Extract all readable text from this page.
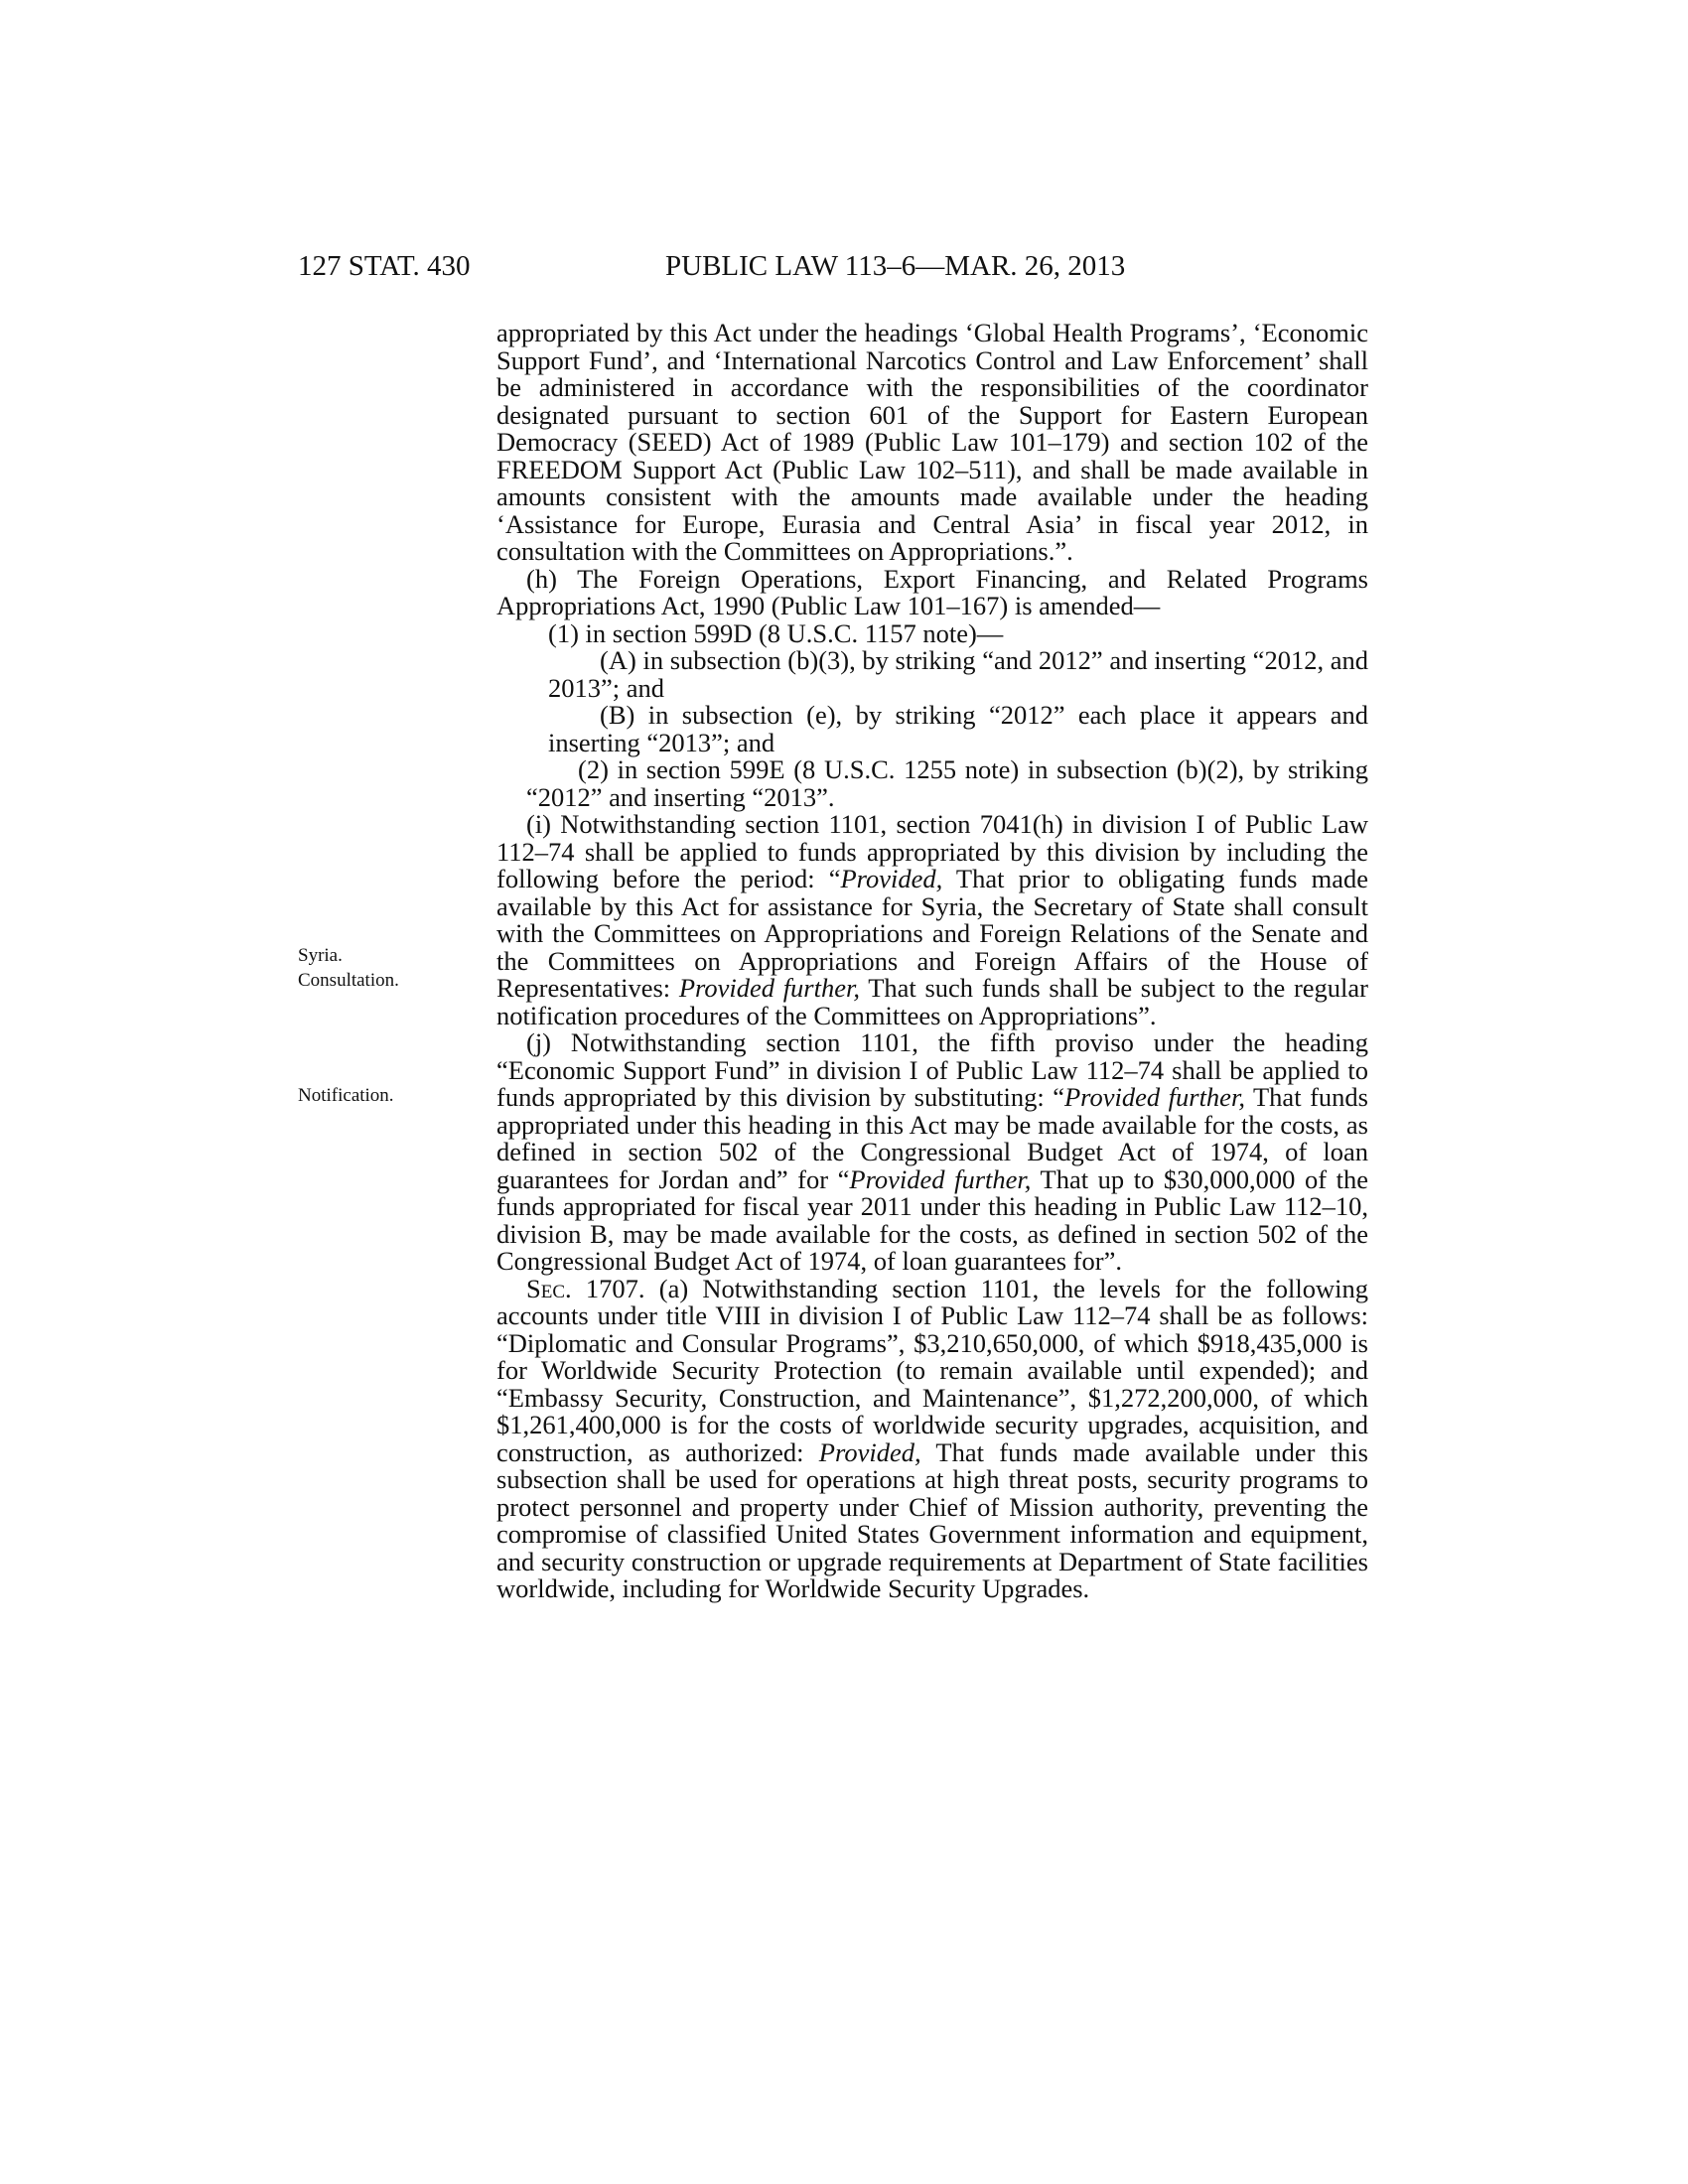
127 STAT. 430	PUBLIC LAW 113–6—MAR. 26, 2013
Syria.
Consultation.
Notification.

appropriated by this Act under the headings ‘Global Health Programs’, ‘Economic Support Fund’, and ‘International Narcotics Control and Law Enforcement’ shall be administered in accordance with the responsibilities of the coordinator designated pursuant to section 601 of the Support for Eastern European Democracy (SEED) Act of 1989 (Public Law 101–179) and section 102 of the FREEDOM Support Act (Public Law 102–511), and shall be made available in amounts consistent with the amounts made available under the heading ‘Assistance for Europe, Eurasia and Central Asia’ in fiscal year 2012, in consultation with the Committees on Appropriations.”.

(h) The Foreign Operations, Export Financing, and Related Programs Appropriations Act, 1990 (Public Law 101–167) is amended—

(1) in section 599D (8 U.S.C. 1157 note)—

(A) in subsection (b)(3), by striking “and 2012” and inserting “2012, and 2013”; and

(B) in subsection (e), by striking “2012” each place it appears and inserting “2013”; and

(2) in section 599E (8 U.S.C. 1255 note) in subsection (b)(2), by striking “2012” and inserting “2013”.

(i) Notwithstanding section 1101, section 7041(h) in division I of Public Law 112–74 shall be applied to funds appropriated by this division by including the following before the period: “Provided, That prior to obligating funds made available by this Act for assistance for Syria, the Secretary of State shall consult with the Committees on Appropriations and Foreign Relations of the Senate and the Committees on Appropriations and Foreign Affairs of the House of Representatives: Provided further, That such funds shall be subject to the regular notification procedures of the Committees on Appropriations”.

(j) Notwithstanding section 1101, the fifth proviso under the heading “Economic Support Fund” in division I of Public Law 112–74 shall be applied to funds appropriated by this division by substituting: “Provided further, That funds appropriated under this heading in this Act may be made available for the costs, as defined in section 502 of the Congressional Budget Act of 1974, of loan guarantees for Jordan and” for “Provided further, That up to $30,000,000 of the funds appropriated for fiscal year 2011 under this heading in Public Law 112–10, division B, may be made available for the costs, as defined in section 502 of the Congressional Budget Act of 1974, of loan guarantees for”.

Sec. 1707. (a) Notwithstanding section 1101, the levels for the following accounts under title VIII in division I of Public Law 112–74 shall be as follows: “Diplomatic and Consular Programs”, $3,210,650,000, of which $918,435,000 is for Worldwide Security Protection (to remain available until expended); and “Embassy Security, Construction, and Maintenance”, $1,272,200,000, of which $1,261,400,000 is for the costs of worldwide security upgrades, acquisition, and construction, as authorized: Provided, That funds made available under this subsection shall be used for operations at high threat posts, security programs to protect personnel and property under Chief of Mission authority, preventing the compromise of classified United States Government information and equipment, and security construction or upgrade requirements at Department of State facilities worldwide, including for Worldwide Security Upgrades.
